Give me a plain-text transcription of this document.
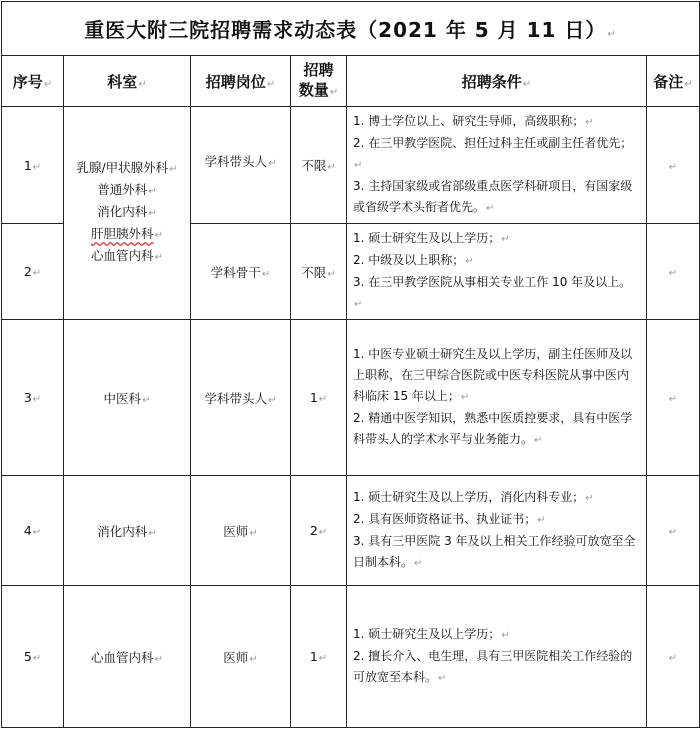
重医大附三院招聘需求动态表（2021 年 5 月 11 日）↵					
序号↵	科室↵	招聘岗位↵	招聘
数量↵	招聘条件↵	备注↵
1↵	乳腺/甲状腺外科↵
普通外科↵
消化内科↵
肝胆胰外科↵
心血管内科↵
	学科带头人↵	不限↵	
1. 博士学位以上、研究生导师，高级职称；↵
2. 在三甲教学医院、担任过科主任或副主任者优先；↵
3. 主持国家级或省部级重点医学科研项目，有国家级或省级学术头衔者优先。↵
	↵
2↵		学科骨干↵	不限↵	1. 硕士研究生及以上学历；↵
2. 中级及以上职称；↵
3. 在三甲教学医院从事相关专业工作 10 年及以上。↵	↵
3↵	中医科↵	学科带头人↵	1↵	1. 中医专业硕士研究生及以上学历，副主任医师及以上职称，在三甲综合医院或中医专科医院从事中医内科临床 15 年以上；↵
2. 精通中医学知识，熟悉中医质控要求，具有中医学科带头人的学术水平与业务能力。↵	↵
4↵	消化内科↵	医师↵	2↵	1. 硕士研究生及以上学历，消化内科专业；↵
2. 具有医师资格证书、执业证书；↵
3. 具有三甲医院 3 年及以上相关工作经验可放宽至全日制本科。↵	↵
5↵	心血管内科↵	医师↵	1↵	1. 硕士研究生及以上学历；↵
2. 擅长介入、电生理，具有三甲医院相关工作经验的可放宽至本科。↵	↵
